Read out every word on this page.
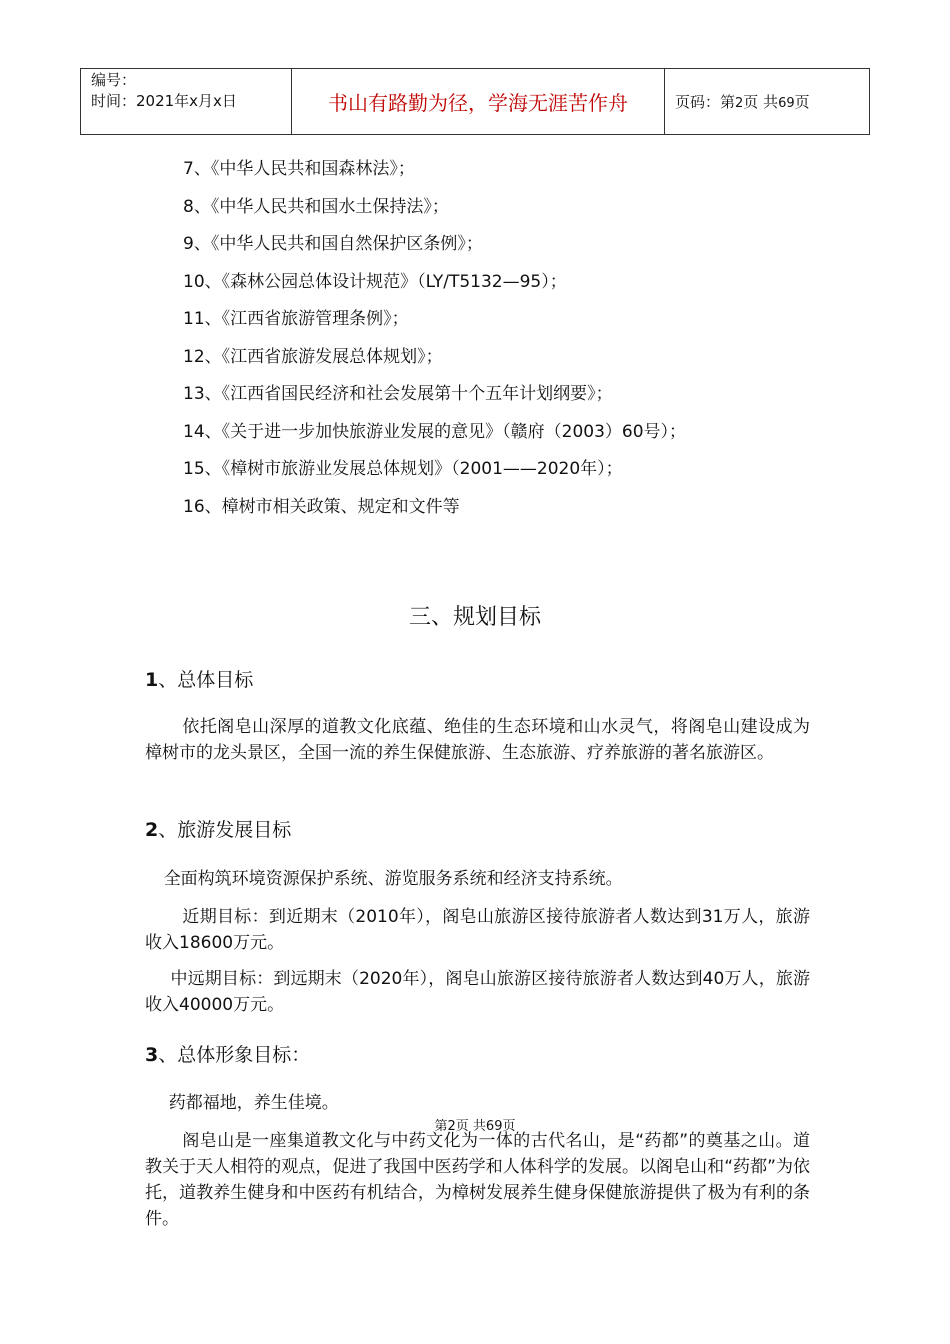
编号：
时间：2021年x月x日	书山有路勤为径，学海无涯苦作舟	页码：第2页 共69页
7、《中华人民共和国森林法》；
8、《中华人民共和国水土保持法》；
9、《中华人民共和国自然保护区条例》；
10、《森林公园总体设计规范》（LY/T5132—95）；
11、《江西省旅游管理条例》；
12、《江西省旅游发展总体规划》；
13、《江西省国民经济和社会发展第十个五年计划纲要》；
14、《关于进一步加快旅游业发展的意见》（赣府（2003）60号）；
15、《樟树市旅游业发展总体规划》（2001——2020年）；
16、樟树市相关政策、规定和文件等
三、规划目标
1、总体目标
依托阁皂山深厚的道教文化底蕴、绝佳的生态环境和山水灵气，将阁皂山建设成为樟树市的龙头景区，全国一流的养生保健旅游、生态旅游、疗养旅游的著名旅游区。
2、旅游发展目标
全面构筑环境资源保护系统、游览服务系统和经济支持系统。
近期目标：到近期末（2010年），阁皂山旅游区接待旅游者人数达到31万人，旅游收入18600万元。
中远期目标：到远期末（2020年），阁皂山旅游区接待旅游者人数达到40万人，旅游收入40000万元。
3、总体形象目标：
药都福地，养生佳境。
第2页 共69页
阁皂山是一座集道教文化与中药文化为一体的古代名山，是“药都”的奠基之山。道教关于天人相符的观点，促进了我国中医药学和人体科学的发展。以阁皂山和“药都”为依托，道教养生健身和中医药有机结合，为樟树发展养生健身保健旅游提供了极为有利的条件。
